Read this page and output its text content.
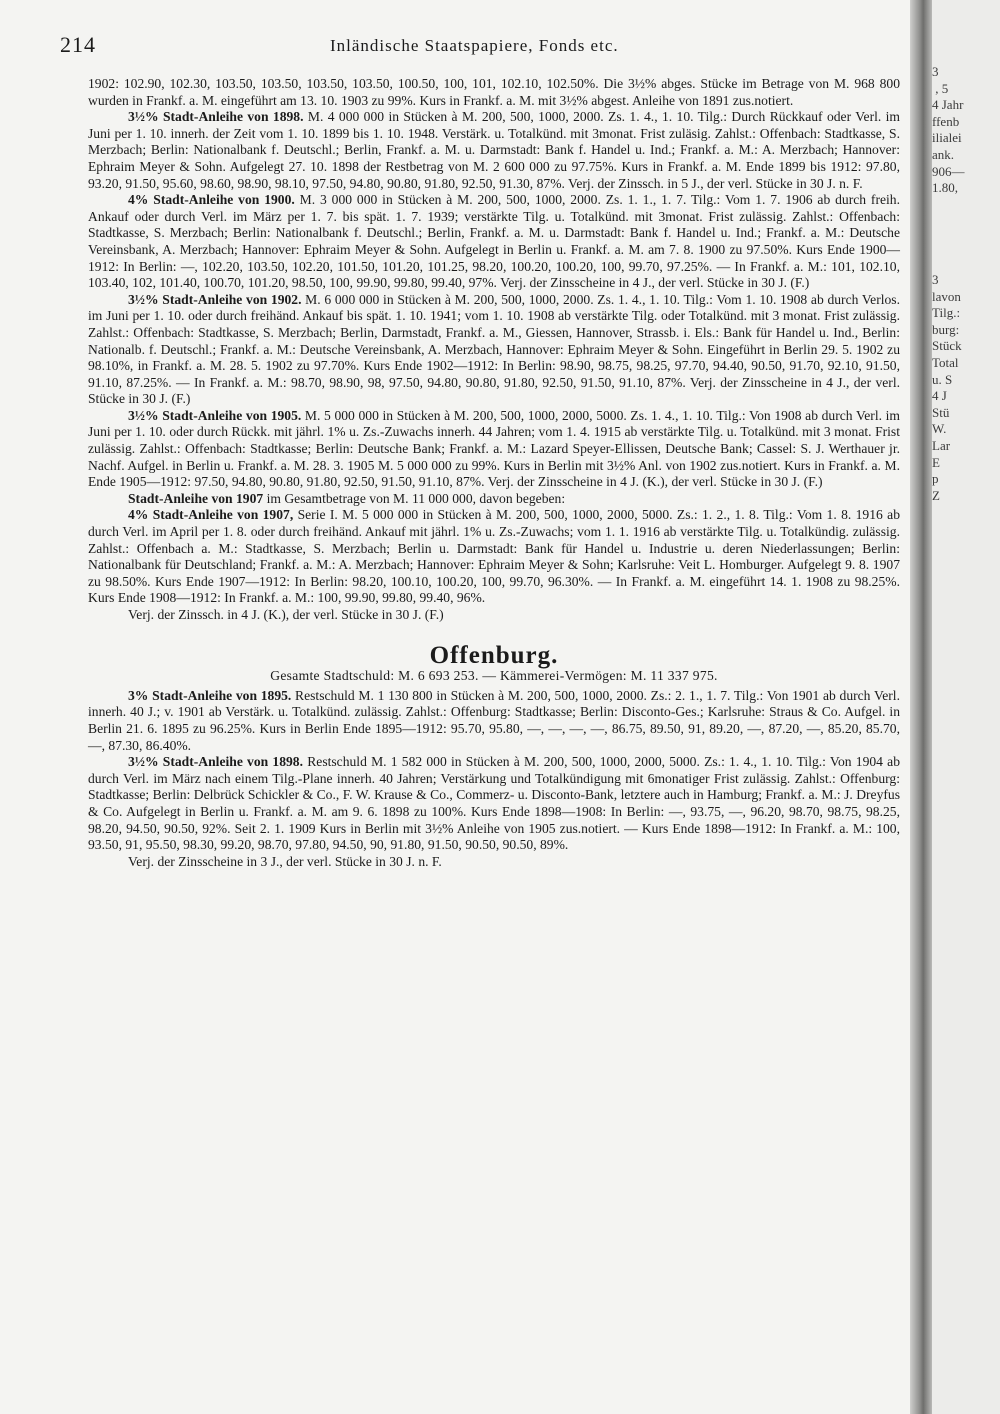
214	Inländische Staatspapiere, Fonds etc.

1902: 102.90, 102.30, 103.50, 103.50, 103.50, 103.50, 100.50, 100, 101, 102.10, 102.50%. Die 3½% abges. Stücke im Betrage von M. 968 800 wurden in Frankf. a. M. eingeführt am 13. 10. 1903 zu 99%. Kurs in Frankf. a. M. mit 3½% abgest. Anleihe von 1891 zus.notiert.

3½% Stadt-Anleihe von 1898. M. 4 000 000 in Stücken à M. 200, 500, 1000, 2000. Zs. 1. 4., 1. 10. Tilg.: Durch Rückkauf oder Verl. im Juni per 1. 10. innerh. der Zeit vom 1. 10. 1899 bis 1. 10. 1948. Verstärk. u. Totalkünd. mit 3monat. Frist zuläsig. Zahlst.: Offenbach: Stadtkasse, S. Merzbach; Berlin: Nationalbank f. Deutschl.; Berlin, Frankf. a. M. u. Darmstadt: Bank f. Handel u. Ind.; Frankf. a. M.: A. Merzbach; Hannover: Ephraim Meyer & Sohn. Aufgelegt 27. 10. 1898 der Restbetrag von M. 2 600 000 zu 97.75%. Kurs in Frankf. a. M. Ende 1899 bis 1912: 97.80, 93.20, 91.50, 95.60, 98.60, 98.90, 98.10, 97.50, 94.80, 90.80, 91.80, 92.50, 91.30, 87%. Verj. der Zinssch. in 5 J., der verl. Stücke in 30 J. n. F.

4% Stadt-Anleihe von 1900. M. 3 000 000 in Stücken à M. 200, 500, 1000, 2000. Zs. 1. 1., 1. 7. Tilg.: Vom 1. 7. 1906 ab durch freih. Ankauf oder durch Verl. im März per 1. 7. bis spät. 1. 7. 1939; verstärkte Tilg. u. Totalkünd. mit 3monat. Frist zulässig. Zahlst.: Offenbach: Stadtkasse, S. Merzbach; Berlin: Nationalbank f. Deutschl.; Berlin, Frankf. a. M. u. Darmstadt: Bank f. Handel u. Ind.; Frankf. a. M.: Deutsche Vereinsbank, A. Merzbach; Hannover: Ephraim Meyer & Sohn. Aufgelegt in Berlin u. Frankf. a. M. am 7. 8. 1900 zu 97.50%. Kurs Ende 1900—1912: In Berlin: —, 102.20, 103.50, 102.20, 101.50, 101.20, 101.25, 98.20, 100.20, 100.20, 100, 99.70, 97.25%. — In Frankf. a. M.: 101, 102.10, 103.40, 102, 101.40, 100.70, 101.20, 98.50, 100, 99.90, 99.80, 99.40, 97%. Verj. der Zinsscheine in 4 J., der verl. Stücke in 30 J. (F.)

3½% Stadt-Anleihe von 1902. M. 6 000 000 in Stücken à M. 200, 500, 1000, 2000. Zs. 1. 4., 1. 10. Tilg.: Vom 1. 10. 1908 ab durch Verlos. im Juni per 1. 10. oder durch freihänd. Ankauf bis spät. 1. 10. 1941; vom 1. 10. 1908 ab verstärkte Tilg. oder Totalkünd. mit 3 monat. Frist zulässig. Zahlst.: Offenbach: Stadtkasse, S. Merzbach; Berlin, Darmstadt, Frankf. a. M., Giessen, Hannover, Strassb. i. Els.: Bank für Handel u. Ind., Berlin: Nationalb. f. Deutschl.; Frankf. a. M.: Deutsche Vereinsbank, A. Merzbach, Hannover: Ephraim Meyer & Sohn. Eingeführt in Berlin 29. 5. 1902 zu 98.10%, in Frankf. a. M. 28. 5. 1902 zu 97.70%. Kurs Ende 1902—1912: In Berlin: 98.90, 98.75, 98.25, 97.70, 94.40, 90.50, 91.70, 92.10, 91.50, 91.10, 87.25%. — In Frankf. a. M.: 98.70, 98.90, 98, 97.50, 94.80, 90.80, 91.80, 92.50, 91.50, 91.10, 87%. Verj. der Zinsscheine in 4 J., der verl. Stücke in 30 J. (F.)

3½% Stadt-Anleihe von 1905. M. 5 000 000 in Stücken à M. 200, 500, 1000, 2000, 5000. Zs. 1. 4., 1. 10. Tilg.: Von 1908 ab durch Verl. im Juni per 1. 10. oder durch Rückk. mit jährl. 1% u. Zs.-Zuwachs innerh. 44 Jahren; vom 1. 4. 1915 ab verstärkte Tilg. u. Totalkünd. mit 3 monat. Frist zulässig. Zahlst.: Offenbach: Stadtkasse; Berlin: Deutsche Bank; Frankf. a. M.: Lazard Speyer-Ellissen, Deutsche Bank; Cassel: S. J. Werthauer jr. Nachf. Aufgel. in Berlin u. Frankf. a. M. 28. 3. 1905 M. 5 000 000 zu 99%. Kurs in Berlin mit 3½% Anl. von 1902 zus.notiert. Kurs in Frankf. a. M. Ende 1905—1912: 97.50, 94.80, 90.80, 91.80, 92.50, 91.50, 91.10, 87%. Verj. der Zinsscheine in 4 J. (K.), der verl. Stücke in 30 J. (F.)

Stadt-Anleihe von 1907 im Gesamtbetrage von M. 11 000 000, davon begeben:

4% Stadt-Anleihe von 1907, Serie I. M. 5 000 000 in Stücken à M. 200, 500, 1000, 2000, 5000. Zs.: 1. 2., 1. 8. Tilg.: Vom 1. 8. 1916 ab durch Verl. im April per 1. 8. oder durch freihänd. Ankauf mit jährl. 1% u. Zs.-Zuwachs; vom 1. 1. 1916 ab verstärkte Tilg. u. Totalkündig. zulässig. Zahlst.: Offenbach a. M.: Stadtkasse, S. Merzbach; Berlin u. Darmstadt: Bank für Handel u. Industrie u. deren Niederlassungen; Berlin: Nationalbank für Deutschland; Frankf. a. M.: A. Merzbach; Hannover: Ephraim Meyer & Sohn; Karlsruhe: Veit L. Homburger. Aufgelegt 9. 8. 1907 zu 98.50%. Kurs Ende 1907—1912: In Berlin: 98.20, 100.10, 100.20, 100, 99.70, 96.30%. — In Frankf. a. M. eingeführt 14. 1. 1908 zu 98.25%. Kurs Ende 1908—1912: In Frankf. a. M.: 100, 99.90, 99.80, 99.40, 96%.

Verj. der Zinssch. in 4 J. (K.), der verl. Stücke in 30 J. (F.)

Offenburg.
Gesamte Stadtschuld: M. 6 693 253. — Kämmerei-Vermögen: M. 11 337 975.

3% Stadt-Anleihe von 1895. Restschuld M. 1 130 800 in Stücken à M. 200, 500, 1000, 2000. Zs.: 2. 1., 1. 7. Tilg.: Von 1901 ab durch Verl. innerh. 40 J.; v. 1901 ab Verstärk. u. Totalkünd. zulässig. Zahlst.: Offenburg: Stadtkasse; Berlin: Disconto-Ges.; Karlsruhe: Straus & Co. Aufgel. in Berlin 21. 6. 1895 zu 96.25%. Kurs in Berlin Ende 1895—1912: 95.70, 95.80, —, —, —, —, 86.75, 89.50, 91, 89.20, —, 87.20, —, 85.20, 85.70, —, 87.30, 86.40%.

3½% Stadt-Anleihe von 1898. Restschuld M. 1 582 000 in Stücken à M. 200, 500, 1000, 2000, 5000. Zs.: 1. 4., 1. 10. Tilg.: Von 1904 ab durch Verl. im März nach einem Tilg.-Plane innerh. 40 Jahren; Verstärkung und Totalkündigung mit 6monatiger Frist zulässig. Zahlst.: Offenburg: Stadtkasse; Berlin: Delbrück Schickler & Co., F. W. Krause & Co., Commerz- u. Disconto-Bank, letztere auch in Hamburg; Frankf. a. M.: J. Dreyfus & Co. Aufgelegt in Berlin u. Frankf. a. M. am 9. 6. 1898 zu 100%. Kurs Ende 1898—1908: In Berlin: —, 93.75, —, 96.20, 98.70, 98.75, 98.25, 98.20, 94.50, 90.50, 92%. Seit 2. 1. 1909 Kurs in Berlin mit 3½% Anleihe von 1905 zus.notiert. — Kurs Ende 1898—1912: In Frankf. a. M.: 100, 93.50, 91, 95.50, 98.30, 99.20, 98.70, 97.80, 94.50, 90, 91.80, 91.50, 90.50, 90.50, 89%.

Verj. der Zinsscheine in 3 J., der verl. Stücke in 30 J. n. F.

3
, 5
4 Jahr
ffenb
ilialei
ank.
906—
1.80,
3
lavon
Tilg.:
burg:
Stück
Total
u. S
4 J
Stü
W.
Lar
E
p
Z
